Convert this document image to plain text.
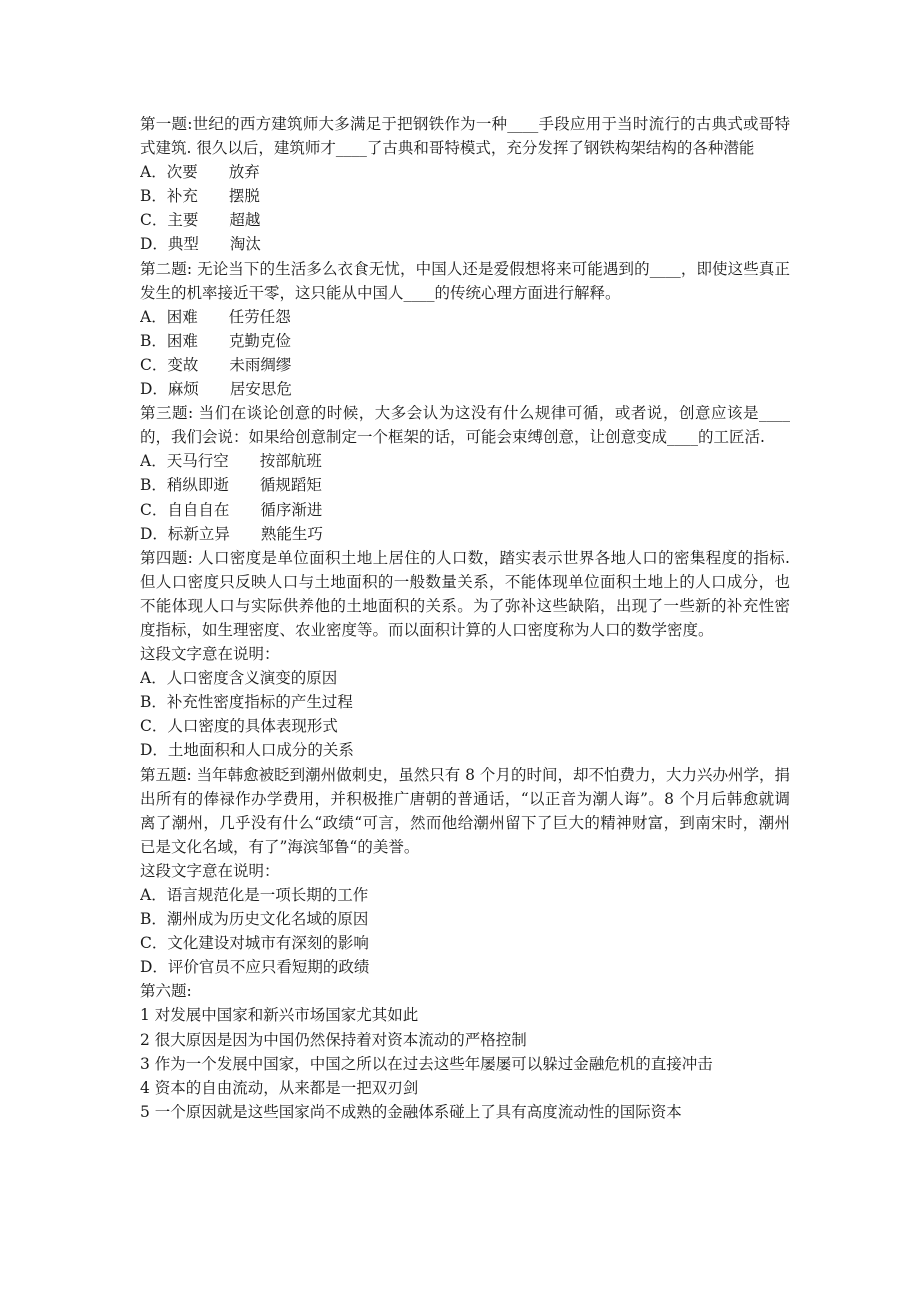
第一题:世纪的西方建筑师大多满足于把钢铁作为一种____手段应用于当时流行的古典式或哥特式建筑. 很久以后，建筑师才____了古典和哥特模式，充分发挥了钢铁构架结构的各种潜能
A．次要　　放弃
B．补充　　摆脱
C．主要　　超越
D．典型　　淘汰
第二题: 无论当下的生活多么衣食无忧，中国人还是爱假想将来可能遇到的____，即使这些真正发生的机率接近干零，这只能从中国人____的传统心理方面进行解释。
A．困难　　任劳任怨
B．困难　　克勤克俭
C．变故　　未雨绸缪
D．麻烦　　居安思危
第三题: 当们在谈论创意的时候，大多会认为这没有什么规律可循，或者说，创意应该是____的，我们会说：如果给创意制定一个框架的话，可能会束缚创意，让创意变成____的工匠活.
A．天马行空　　按部航班
B．稍纵即逝　　循规蹈矩
C．自自自在　　循序渐进
D．标新立异　　熟能生巧
第四题: 人口密度是单位面积土地上居住的人口数，踏实表示世界各地人口的密集程度的指标. 但人口密度只反映人口与土地面积的一般数量关系，不能体现单位面积土地上的人口成分，也不能体现人口与实际供养他的土地面积的关系。为了弥补这些缺陷，出现了一些新的补充性密度指标，如生理密度、农业密度等。而以面积计算的人口密度称为人口的数学密度。
这段文字意在说明：
A．人口密度含义演变的原因
B．补充性密度指标的产生过程
C．人口密度的具体表现形式
D．土地面积和人口成分的关系
第五题: 当年韩愈被眨到潮州做刺史，虽然只有 8 个月的时间，却不怕费力，大力兴办州学，捐出所有的俸禄作办学费用，并积极推广唐朝的普通话，“以正音为潮人诲”。8 个月后韩愈就调离了潮州，几乎没有什么“政绩“可言，然而他给潮州留下了巨大的精神财富，到南宋时，潮州已是文化名域，有了”海滨邹鲁“的美誉。
这段文字意在说明：
A．语言规范化是一项长期的工作
B．潮州成为历史文化名域的原因
C．文化建设对城市有深刻的影响
D．评价官员不应只看短期的政绩
第六题:
1 对发展中国家和新兴市场国家尤其如此
2 很大原因是因为中国仍然保持着对资本流动的严格控制
3 作为一个发展中国家，中国之所以在过去这些年屡屡可以躲过金融危机的直接冲击
4 资本的自由流动，从来都是一把双刃剑
5 一个原因就是这些国家尚不成熟的金融体系碰上了具有高度流动性的国际资本
